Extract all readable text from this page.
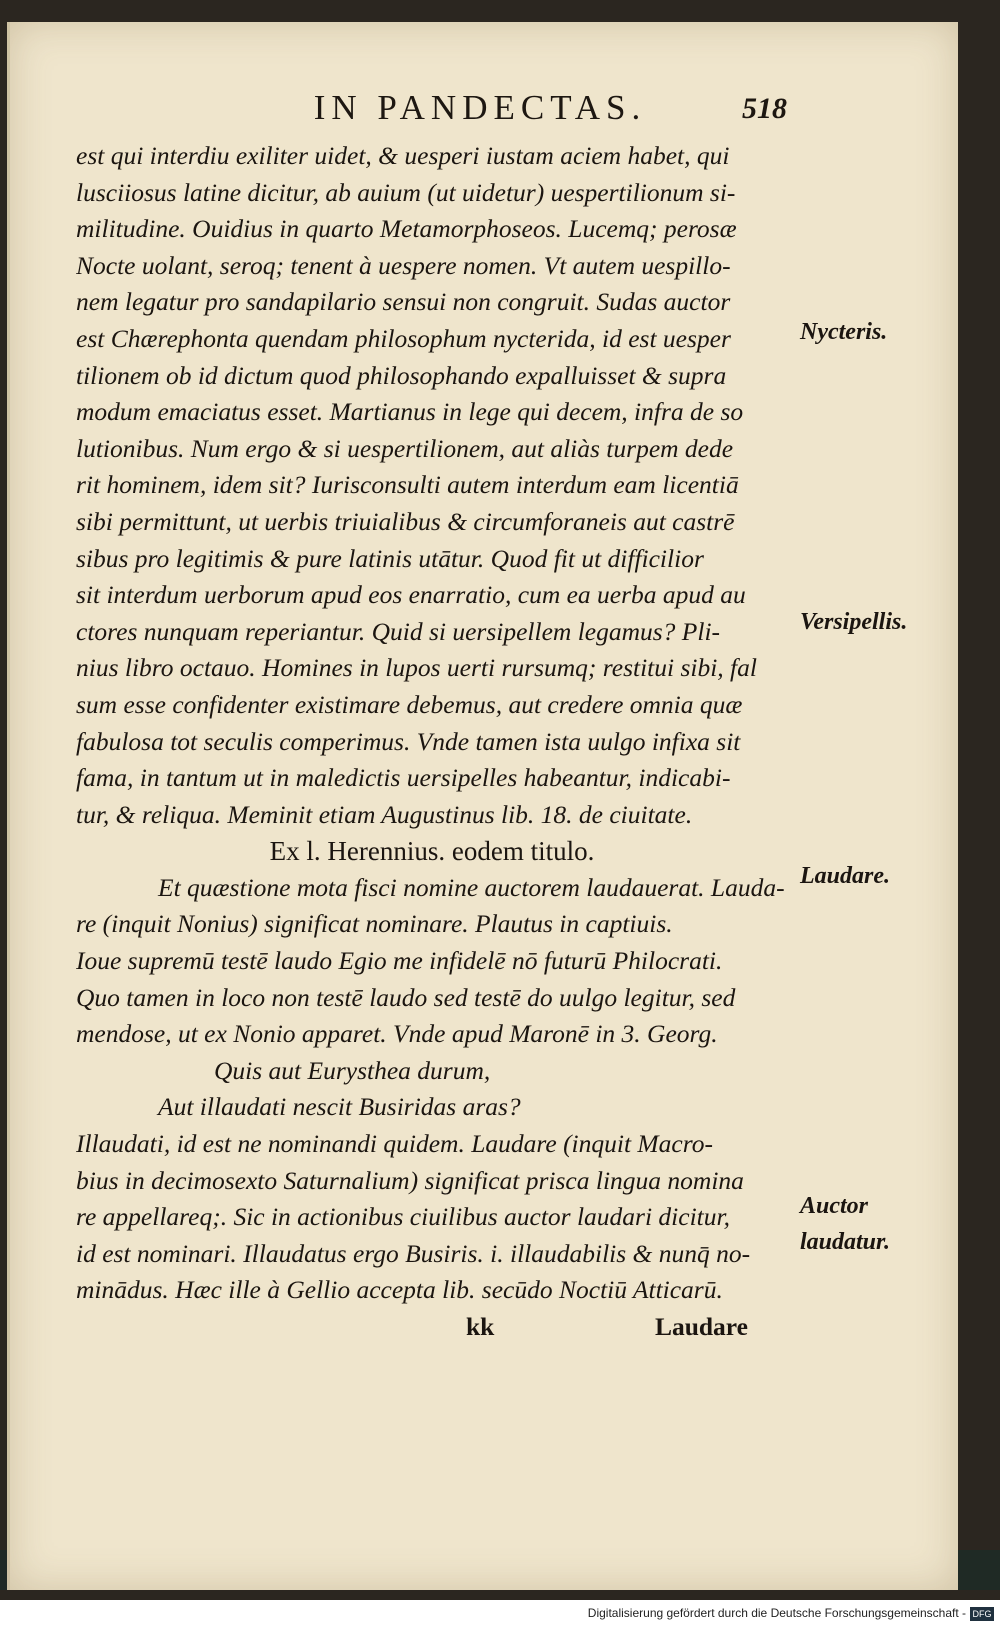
IN PANDECTAS.	518
est qui interdiu exiliter uidet, & uesperi iustam aciem habet, qui
lusciiosus latine dicitur, ab auium (ut uidetur) uespertilionum si-
militudine. Ouidius in quarto Metamorphoseos. Lucemq; perosæ
Nocte uolant, seroq; tenent à uespere nomen. Vt autem uespillo-
nem legatur pro sandapilario sensui non congruit. Sudas auctor
est Chærephonta quendam philosophum nycterida, id est uesper
tilionem ob id dictum quod philosophando expalluisset & supra
modum emaciatus esset. Martianus in lege qui decem, infra de so
lutionibus. Num ergo & si uespertilionem, aut aliàs turpem dede
rit hominem, idem sit? Iurisconsulti autem interdum eam licentiā
sibi permittunt, ut uerbis triuialibus & circumforaneis aut castrē
sibus pro legitimis & pure latinis utātur. Quod fit ut difficilior
sit interdum uerborum apud eos enarratio, cum ea uerba apud au
ctores nunquam reperiantur. Quid si uersipellem legamus? Pli-
nius libro octauo. Homines in lupos uerti rursumq; restitui sibi, fal
sum esse confidenter existimare debemus, aut credere omnia quæ
fabulosa tot seculis comperimus. Vnde tamen ista uulgo infixa sit
fama, in tantum ut in maledictis uersipelles habeantur, indicabi-
tur, & reliqua. Meminit etiam Augustinus lib. 18. de ciuitate.
Ex l. Herennius. eodem titulo.
Et quæstione mota fisci nomine auctorem laudauerat. Lauda-
re (inquit Nonius) significat nominare. Plautus in captiuis.
Ioue supremū testē laudo Egio me infidelē nō futurū Philocrati.
Quo tamen in loco non testē laudo sed testē do uulgo legitur, sed
mendose, ut ex Nonio apparet. Vnde apud Maronē in 3. Georg.
Quis aut Eurysthea durum,
Aut illaudati nescit Busiridas aras?
Illaudati, id est ne nominandi quidem. Laudare (inquit Macro-
bius in decimosexto Saturnalium) significat prisca lingua nomina
re appellareq;. Sic in actionibus ciuilibus auctor laudari dicitur,
id est nominari. Illaudatus ergo Busiris. i. illaudabilis & nunq̄ no-
minādus. Hæc ille à Gellio accepta lib. secūdo Noctiū Atticarū.
kk	Laudare
Nycteris.
Versipellis.
Laudare.
Auctor
laudatur.
Digitalisierung gefördert durch die Deutsche Forschungsgemeinschaft - DFG
